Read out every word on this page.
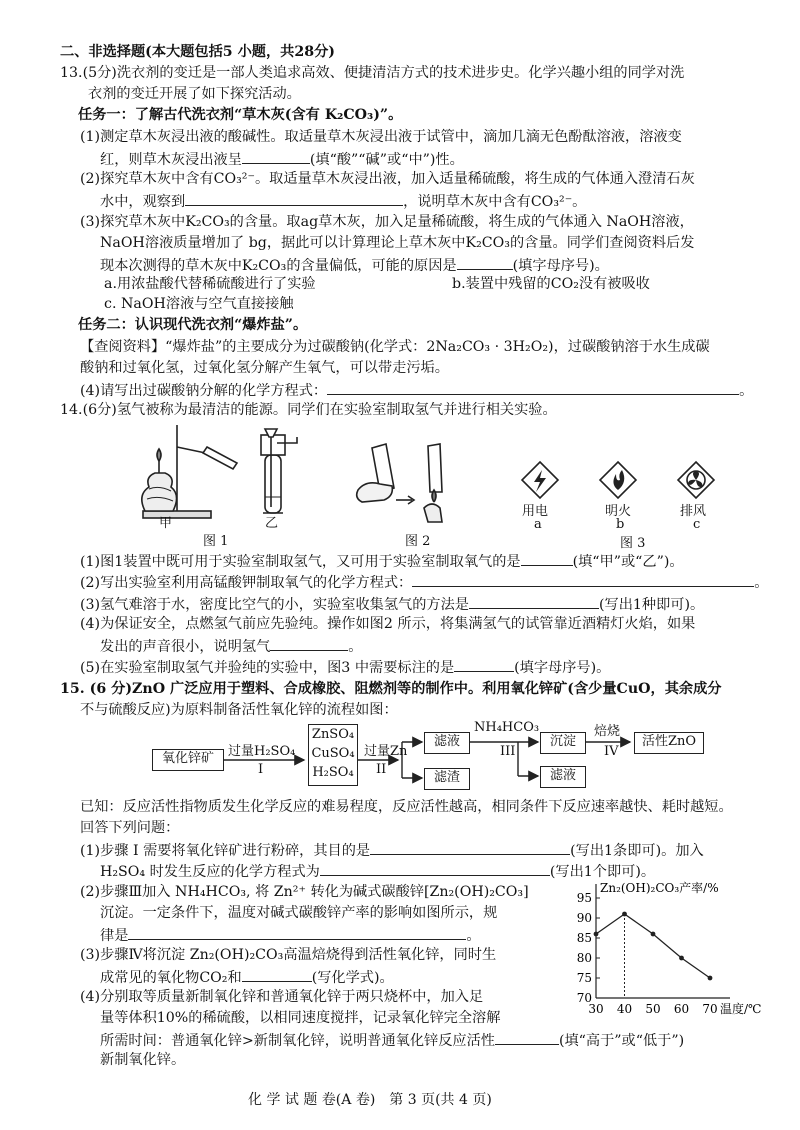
二、非选择题(本大题包括5 小题，共28分)
13.(5分)洗衣剂的变迁是一部人类追求高效、便捷清洁方式的技术进步史。化学兴趣小组的同学对洗
衣剂的变迁开展了如下探究活动。
任务一：了解古代洗衣剂“草木灰(含有 K₂CO₃)”。
(1)测定草木灰浸出液的酸碱性。取适量草木灰浸出液于试管中，滴加几滴无色酚酞溶液，溶液变
红，则草木灰浸出液呈	(填“酸”“碱”或“中”)性。
(2)探究草木灰中含有CO₃²⁻。取适量草木灰浸出液，加入适量稀硫酸，将生成的气体通入澄清石灰
水中，观察到	，说明草木灰中含有CO₃²⁻。
(3)探究草木灰中K₂CO₃的含量。取ag草木灰，加入足量稀硫酸，将生成的气体通入 NaOH溶液，
NaOH溶液质量增加了 bg，据此可以计算理论上草木灰中K₂CO₃的含量。同学们查阅资料后发
现本次测得的草木灰中K₂CO₃的含量偏低，可能的原因是	(填字母序号)。
a.用浓盐酸代替稀硫酸进行了实验	b.装置中残留的CO₂没有被吸收
c. NaOH溶液与空气直接接触
任务二：认识现代洗衣剂“爆炸盐”。
【查阅资料】“爆炸盐”的主要成分为过碳酸钠(化学式：2Na₂CO₃ · 3H₂O₂)，过碳酸钠溶于水生成碳
酸钠和过氧化氢，过氧化氢分解产生氧气，可以带走污垢。
(4)请写出过碳酸钠分解的化学方程式：	。
14.(6分)氢气被称为最清洁的能源。同学们在实验室制取氢气并进行相关实验。
甲	乙
图 1	图 2
用电
a
明火
b
排风
c
图 3
(1)图1装置中既可用于实验室制取氢气，又可用于实验室制取氧气的是	(填“甲”或“乙”)。
(2)写出实验室利用高锰酸钾制取氧气的化学方程式：	。
(3)氢气难溶于水，密度比空气的小，实验室收集氢气的方法是	(写出1种即可)。
(4)为保证安全，点燃氢气前应先验纯。操作如图2 所示，将集满氢气的试管靠近酒精灯火焰，如果
发出的声音很小，说明氢气	。
(5)在实验室制取氢气并验纯的实验中，图3 中需要标注的是	(填字母序号)。
15. (6 分)ZnO 广泛应用于塑料、合成橡胶、阻燃剂等的制作中。利用氧化锌矿(含少量CuO，其余成分
不与硫酸反应)为原料制备活性氧化锌的流程如图：
氧化锌矿	过量H₂SO₄
I
ZnSO₄
CuSO₄
H₂SO₄
过量Zn
II
滤液
滤渣
NH₄HCO₃
III
沉淀
滤液
焙烧
IV
活性ZnO
已知：反应活性指物质发生化学反应的难易程度，反应活性越高，相同条件下反应速率越快、耗时越短。
回答下列问题：
(1)步骤 I 需要将氧化锌矿进行粉碎，其目的是	(写出1条即可)。加入
H₂SO₄ 时发生反应的化学方程式为	(写出1个即可)。
(2)步骤Ⅲ加入 NH₄HCO₃, 将 Zn²⁺ 转化为碱式碳酸锌[Zn₂(OH)₂CO₃]
沉淀。一定条件下，温度对碱式碳酸锌产率的影响如图所示，规
律是	。
(3)步骤Ⅳ将沉淀 Zn₂(OH)₂CO₃高温焙烧得到活性氧化锌，同时生
成常见的氧化物CO₂和	(写化学式)。
(4)分别取等质量新制氧化锌和普通氧化锌于两只烧杯中，加入足
量等体积10%的稀硫酸，以相同速度搅拌，记录氧化锌完全溶解
所需时间：普通氧化锌>新制氧化锌，说明普通氧化锌反应活性	(填“高于”或“低于”)
新制氧化锌。
Zn₂(OH)₂CO₃产率/%
温度/℃
70
75
80
85
90
95
30 40 50 60 70
化 学 试 题 卷(A 卷)　第 3 页(共 4 页)
